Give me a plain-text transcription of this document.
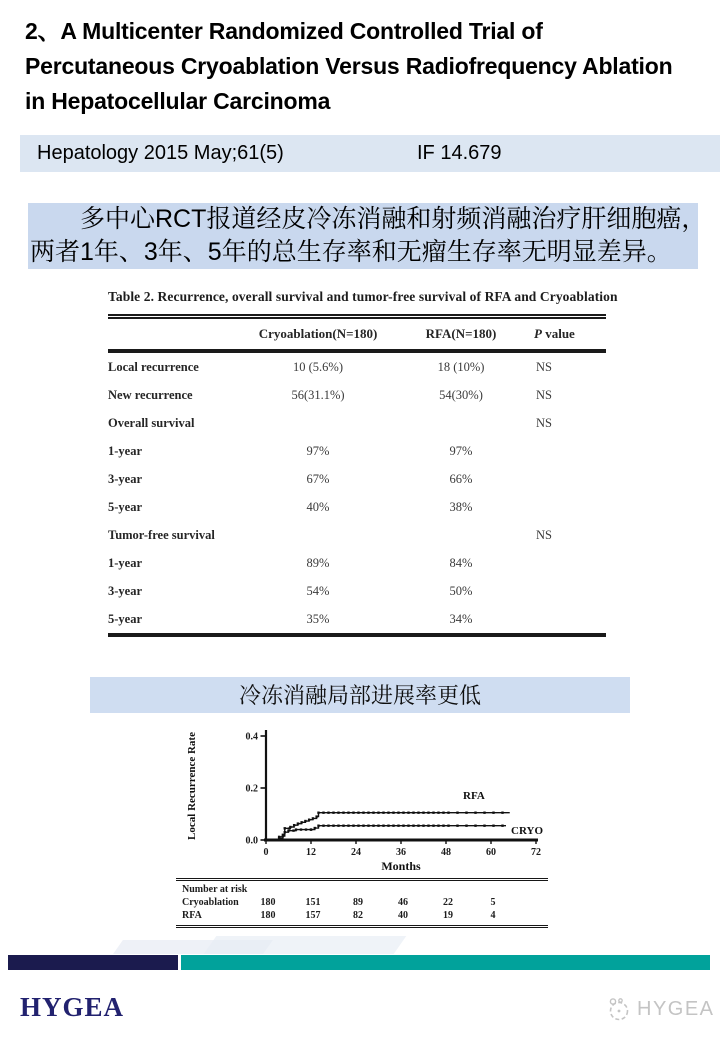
2、A Multicenter Randomized Controlled Trial of
Percutaneous Cryoablation Versus Radiofrequency Ablation
in Hepatocellular Carcinoma
Hepatology 2015 May;61(5)	IF 14.679
多中心RCT报道经皮冷冻消融和射频消融治疗肝细胞癌，
两者1年、3年、5年的总生存率和无瘤生存率无明显差异。
Table 2. Recurrence, overall survival and tumor-free survival of RFA and Cryoablation
	Cryoablation(N=180)	RFA(N=180)	P value
Local recurrence	10 (5.6%)	18 (10%)	NS
New recurrence	56(31.1%)	54(30%)	NS
Overall survival			NS
1-year	97%	97%	
3-year	67%	66%	
5-year	40%	38%	
Tumor-free survival			NS
1-year	89%	84%	
3-year	54%	50%	
5-year	35%	34%	
冷冻消融局部进展率更低
0.0
0.2
0.4
0	12	24	36	48	60	72
Months
Local Recurrence Rate	RFA
CRYO
Number at risk
Cryoablation 180	151	89	46	22	5
RFA	180	157	82	40	19	4
HYGEA	HYGEA
